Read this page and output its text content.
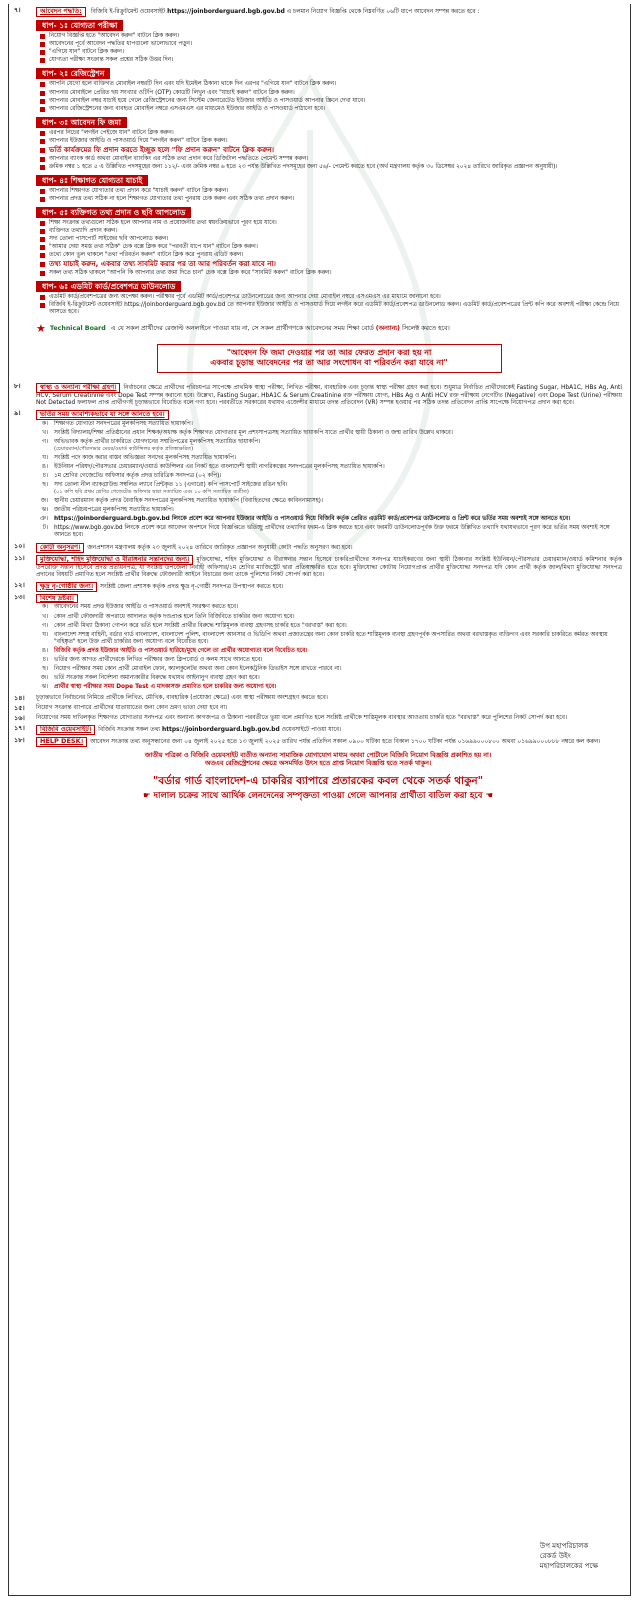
৭।	আবেদন পদ্ধতি: বিজিবি ই-রিক্রুটমেন্ট ওয়েবসাইট https://joinborderguard.bgb.gov.bd এ চলমান নিয়োগ বিজ্ঞপ্তি থেকে নিম্নবর্ণিত ০৬টি ধাপে আবেদন সম্পন্ন করতে হবে :
ধাপ- ১ঃ যোগ্যতা পরীক্ষা
নিয়োগ বিজ্ঞপ্তি হতে "আবেদন করুন" বাটনে ক্লিক করুন।
আবেদনের পূর্বে আবেদন পদ্ধতির ধাপগুলো ভালোভাবে পড়ুন।
"এগিয়ে যান" বাটনে ক্লিক করুন।
যোগ্যতা পরীক্ষা সংক্রান্ত সকল প্রশ্নের সঠিক উত্তর দিন।
ধাপ- ২ঃ রেজিস্ট্রেশন
আপনি যেগো হলে ব্যক্তিগত মোবাইল নম্বরটি দিন এবং যদি ইমেইল ঠিকানা থাকে দিন এরপর "এগিয়ে যান" বাটনে ক্লিক করুন।
আপনার মোবাইলে প্রেরিত ছয় সংখ্যার ওটিপি (OTP) কোডটি লিখুন এবং "যাচাই করুন" বাটনে ক্লিক করুন।
আপনার মোবাইল নম্বর যাচাই হয়ে গেলে রেজিস্ট্রেশনের জন্য সিস্টেম জেনারেটেড ইউজার আইডি ও পাসওয়ার্ড আপনার স্ক্রিনে দেখা যাবে।
আপনার রেজিস্ট্রেশনের জন্য ব্যবহৃত মোবাইল নম্বরে এসএমএস এর মাধ্যমেও ইউজার আইডি ও পাসওয়ার্ড পাঠানো হবে।
ধাপ- ৩ঃ আবেদন ফি জমা
এরপর নিচের "লগইন পেইজে যান" বাটনে ক্লিক করুন।
আপনার ইউজার আইডি ও পাসওয়ার্ড দিয়ে "লগইন করুন" বাটনে ক্লিক করুন।
ভর্তি কার্যক্রমের ফি প্রদান করতে ইচ্ছুক হলে "ফি প্রদান করুন" বাটনে ক্লিক করুন।
আপনার ব্যাংক কার্ড অথবা মোবাইল ব্যাংকিং এর সঠিক তথ্য প্রদান করে ডিজিটাল পদ্ধতিতে পেমেন্ট সম্পন্ন করুন।
ক্রমিক নম্বর ১ হতে ৫ এ উল্লিখিত পদসমূহের জন্য ১১২/- এবং ক্রমিক নম্বর ৬ হতে ২৩ পর্যন্ত উল্লিখিত পদসমূহের জন্য ৫৬/- পেমেন্ট করতে হবে (অর্থ মন্ত্রণালয় কর্তৃক ৩০ ডিসেম্বর ২০২৪ তারিখে জারিকৃত প্রজ্ঞাপন অনুযায়ী)।
ধাপ- ৪ঃ শিক্ষাগত যোগ্যতা যাচাই
আপনার শিক্ষাগত যোগ্যতার তথ্য প্রদান করে "যাচাই করুন" বাটনে ক্লিক করুন।
আপনার প্রদত্ত তথ্য সঠিক না হলে শিক্ষাগত যোগ্যতার তথ্য পুনরায় চেক করুন এবং সঠিক তথ্য প্রদান করুন।
ধাপ- ৫ঃ ব্যক্তিগত তথ্য প্রদান ও ছবি আপলোড
শিক্ষা সংক্রান্ত তথ্যগুলো সঠিক হলে আপনার নাম ও প্রয়োজনীয় তথ্য স্বয়ংক্রিয়ভাবে পূরণ হয়ে যাবে।
ব্যক্তিগত তথ্যাদি প্রদান করুন।
সদ্য তোলা পাসপোর্ট সাইজের ছবি আপলোড করুন।
"আমার দেয়া সমস্ত তথ্য সঠিক" চেক বক্সে ক্লিক করে "পরবর্তী ধাপে যান" বাটনে ক্লিক করুন।
তথ্যে কোন ভুল থাকলে "তথ্য পরিবর্তন করুন" বাটনে ক্লিক করে পুনরায় এডিট করুন।
তথ্য যাচাই করুন, একবার তথ্য সাবমিট করার পর তা আর পরিবর্তন করা যাবে না।
সকল তথ্য সঠিক থাকলে "আপনি কি আপনার তথ্য জমা দিতে চান" চেক বক্সে ক্লিক করে "সাবমিট করুন" বাটনে ক্লিক করুন।
ধাপ- ৬ঃ এডমিট কার্ড/প্রবেশপত্র ডাউনলোড
এডমিট কার্ড/প্রবেশপত্রের জন্য অপেক্ষা করুন। পরীক্ষার পূর্বে এডমিট কার্ড/প্রবেশপত্র ডাউনলোডের জন্য আপনার দেয়া মোবাইল নম্বরে এসএমএস এর মাধ্যমে জানানো হবে।
বিজিবি ই-রিক্রুটমেন্ট ওয়েবসাইট https://joinborderguard.bgb.gov.bd তে আপনার ইউজার আইডি ও পাসওয়ার্ড দিয়ে লগইন করে এডমিট কার্ড/প্রবেশপত্র ডাউনলোড করুন। এডমিট কার্ড/প্রবেশপত্রের প্রিন্ট কপি করে অবশ্যই পরীক্ষা কেন্দ্রে নিয়ে আসতে হবে।
★ Technical Board এ যে সকল প্রার্থীদের রেজাল্ট অনলাইনে পাওয়া যায় না, সে সকল প্রার্থীগণকে আবেদনের সময় শিক্ষা বোর্ড (অন্যান্য) সিলেক্ট করতে হবে।
"আবেদন ফি জমা দেওয়ার পর তা আর ফেরত প্রদান করা হয় না
একবার চূড়ান্ত আবেদনের পর তা আর সংশোধন বা পরিবর্তন করা যাবে না"
৮।	স্বাস্থ্য ও অন্যান্য পরীক্ষা গ্রহণ। নির্বাচনের ক্ষেত্রে প্রার্থীদের পরিচয়পত্র সাপেক্ষে প্রাথমিক স্বাস্থ্য পরীক্ষা, লিখিত পরীক্ষা, ব্যবহারিক এবং চূড়ান্ত স্বাস্থ্য পরীক্ষা গ্রহণ করা হবে। শুধুমাত্র নির্বাচিত প্রার্থীদেরকেই Fasting Sugar, HbA1C, HBs Ag, Anti HCV, Serum Creatinine এবং Dope Test সম্পন্ন করানো হবে। উল্লেখ্য, Fasting Sugar, HbA1C & Serum Creatinine রক্ত পরীক্ষায় যোগ্য, HBs Ag ও Anti HCV রক্ত পরীক্ষায় নেগেটিভ (Negative) এবং Dope Test (Urine) পরীক্ষায় Not Detected ফলাফল প্রাপ্ত প্রার্থীগণই চূড়ান্তভাবে বিবেচিত বলে গণ্য হবে। পরবর্তীতে সরকারের যথাযথ এজেন্সীর মাধ্যমে তদন্ত প্রতিবেদন (VR) সম্পন্ন হওয়ার পর সঠিক তদন্ত প্রতিবেদন প্রাপ্তি সাপেক্ষে নিয়োগপত্র প্রদান করা হবে।
৯।	ভর্তির সময় আবশ্যিকভাবে যা সঙ্গে আনতে হবে।
ক।	শিক্ষাগত যোগ্যতা সনদপত্রের মূলকপিসহ সত্যায়িত ছায়াকপি।
খ।	সংশ্লিষ্ট বিদ্যালয়/শিক্ষা প্রতিষ্ঠানের প্রধান শিক্ষক/অধ্যক্ষ কর্তৃক শিক্ষাগত যোগ্যতার মূল প্রশংসাপত্রসহ সত্যায়িত ছায়াকপি যাতে প্রার্থীর স্থায়ী ঠিকানা ও জন্ম তারিখ উল্লেখ থাকবে।
গ।	অভিভাবক কর্তৃক প্রার্থীর চাকরিতে যোগদানের সম্মতিপত্রের মূলকপিসহ সত্যায়িত ছায়াকপি।
(চেয়ারম্যান/পৌরসভার মেয়র/ওয়ার্ড কাউন্সিলর কর্তৃক প্রতিস্বাক্ষরিত)
ঘ।	সংশ্লিষ্ট পদে কাজ করার বাস্তব অভিজ্ঞতা সনদের মূলকপিসহ সত্যায়িত ছায়াকপি।
ঙ।	ইউনিয়ন পরিষদ/পৌরসভার চেয়ারম্যান/ওয়ার্ড কাউন্সিলর এর নিকট হতে বাংলাদেশী স্থায়ী নাগরিকত্বের সনদপত্রের মূলকপিসহ সত্যায়িত ছায়াকপি।
চ।	১ম শ্রেণির গেজেটেড অফিসার কর্তৃক প্রদত্ত চারিত্রিক সনদপত্র (০২ কপি)।
ছ।	সদ্য তোলা নীল ব্যাকগ্রাউন্ড সম্বলিত ল্যাবে প্রিন্টকৃত ১১ (এগারো) কপি পাসপোর্ট সাইজের রঙিন ছবি।
(০১ কপি ছবি প্রথম শ্রেণির গেজেটেড অফিসার দ্বারা সত্যায়িত এবং ১০ কপি সত্যায়িত ব্যতীত)
জ।	স্থানীয় চেয়ারম্যান কর্তৃক প্রদত্ত বৈবাহিক সনদপত্রের মূলকপিসহ সত্যায়িত ছায়াকপি (বিবাহিতদের ক্ষেত্রে কাবিননামাসহ)।
ঝ।	জাতীয় পরিচয়পত্রের মূলকপিসহ সত্যায়িত ছায়াকপি।
ঞ।	https://joinborderguard.bgb.gov.bd লিংকে প্রবেশ করে আপনার ইউজার আইডি ও পাসওয়ার্ড দিয়ে বিজিবি কর্তৃক প্রেরিত এডমিট কার্ড/প্রবেশপত্র ডাউনলোড ও প্রিন্ট করে ভর্তির সময় অবশ্যই সঙ্গে আনতে হবে।
ট।	https://www.bgb.gov.bd লিংকে প্রবেশ করে আবেদন অপশনে গিয়ে বিজ্ঞপ্তিতে ভর্তিচ্ছু প্রার্থীদের তথ্যাদির ফরম-এ ক্লিক করতে হবে এবং ফরমটি ডাউনলোডপূর্বক উক্ত ফরমে উল্লিখিত তথ্যাদি যথাযথভাবে পূরণ করে ভর্তির সময় অবশ্যই সঙ্গে আনতে হবে।
১০।	কোটা অনুসরণ। জনপ্রশাসন মন্ত্রণালয় কর্তৃক ২৩ জুলাই ২০২৪ তারিখে জারিকৃত প্রজ্ঞাপন অনুযায়ী কোটা পদ্ধতি অনুসরণ করা হবে।
১১।	মুক্তিযোদ্ধা, শহিদ মুক্তিযোদ্ধা ও বীরাঙ্গনার সন্তানদের জন্য। মুক্তিযোদ্ধা, শহিদ মুক্তিযোদ্ধা ও বীরাঙ্গনার সন্তান হিসেবে চাকরিপ্রার্থীদের সনদপত্র যাচাইকরণের জন্য স্থায়ী ঠিকানার সংশ্লিষ্ট ইউনিয়ন/পৌরসভার চেয়ারম্যান/ওয়ার্ড কমিশনার কর্তৃক উপরোক্ত সন্তান হিসেবে প্রদত্ত প্রত্যয়নপত্র, যা সংশ্লিষ্ট উপজেলা নির্বাহী অফিসার/১ম শ্রেণির ম্যাজিস্ট্রেট দ্বারা প্রতিস্বাক্ষরিত হতে হবে। মুক্তিযোদ্ধা কোটায় নিয়োগপ্রাপ্ত প্রার্থীর মুক্তিযোদ্ধা সনদপত্র যদি কোন প্রার্থী কর্তৃক জাল/মিথ্যা মুক্তিযোদ্ধা সনদপত্র প্রদানের বিষয়টি প্রমাণিত হলে সংশ্লিষ্ট প্রার্থীর বিরুদ্ধে ফৌজদারী আইনে বিচারের জন্য তাকে পুলিশের নিকট সোপর্দ করা হবে।
১২।	ক্ষুদ্র নৃ-গোষ্ঠীর জন্য। সংশ্লিষ্ট জেলা প্রশাসক কর্তৃক প্রদত্ত ক্ষুদ্র নৃ-গোষ্ঠী সনদপত্র উপস্থাপন করতে হবে।
১৩।	বিশেষ দ্রষ্টব্য।
ক।	আবেদনের সময় প্রদত্ত ইউজার আইডি ও পাসওয়ার্ড অবশ্যই সংরক্ষণ করতে হবে।
খ।	কোন প্রার্থী ফৌজদারী অপরাধে আদালত কর্তৃক দণ্ডপ্রাপ্ত হলে তিনি বিজিবিতে চাকরির জন্য অযোগ্য হবে।
গ।	কোন প্রার্থী মিথ্যা ঠিকানা গোপন করে ভর্তি হলে সংশ্লিষ্ট প্রার্থীর বিরুদ্ধে শাস্তিমূলক ব্যবস্থা গ্রহণসহ চাকরি হতে "বরখাস্ত" করা হবে।
ঘ।	বাংলাদেশ সশস্ত্র বাহিনী, বর্ডার গার্ড বাংলাদেশ, বাংলাদেশ পুলিশ, বাংলাদেশ আনসার ও ভিডিপি অথবা প্রজাতন্ত্রের অন্য কোন চাকরি হতে শাস্তিমূলক ব্যবস্থা গ্রহণপূর্বক অপসারিত অথবা বরখাস্তকৃত ব্যক্তিগণ এবং সরকারি চাকরিতে কর্মরত অবস্থায় "বহিষ্কৃত" হলে উক্ত প্রার্থী চাকরির জন্য অযোগ্য বলে বিবেচিত হবে।
ঙ।	বিজিবি কর্তৃক প্রদত্ত ইউজার আইডি ও পাসওয়ার্ড হারিয়ে/মুছে গেলে তা প্রার্থীর অযোগ্যতা বলে বিবেচিত হবে।
চ।	ভর্তির জন্য আগত প্রার্থীদেরকে লিখিত পরীক্ষার জন্য ক্লিপবোর্ড ও কলম সাথে আনতে হবে।
ছ।	নিয়োগ পরীক্ষার সময় কোন প্রার্থী মোবাইল ফোন, ক্যালকুলেটর অথবা অন্য কোন ইলেকট্রনিক ডিভাইস সঙ্গে রাখতে পারবে না।
জ।	ভর্তি সংক্রান্ত সকল নির্দেশনা অমান্যকারীর বিরুদ্ধে যথাযথ আইনানুগ ব্যবস্থা গ্রহণ করা হবে।
ঝ।	প্রার্থীর স্বাস্থ্য পরীক্ষার সময় Dope Test এ মাদকাসক্ত প্রমাণিত হলে চাকরির জন্য অযোগ্য হবে।
১৪।	চূড়ান্তভাবে নির্বাচনের নিমিত্তে প্রার্থীকে লিখিত, মৌখিক, ব্যবহারিক (প্রযোজ্য ক্ষেত্রে) এবং স্বাস্থ্য পরীক্ষায় অংশগ্রহণ করতে হবে।
১৫।	নিয়োগ সংক্রান্ত ব্যাপারে প্রার্থীদের যাতায়াতের জন্য কোন ভ্রমণ ভাতা দেয়া হবে না।
১৬।	নিয়োগের সময় দাখিলকৃত শিক্ষাগত যোগ্যতার সনদপত্র এবং অন্যান্য কাগজপত্র ও ঠিকানা পরবর্তীতে ভুয়া বলে প্রমাণিত হলে সংশ্লিষ্ট প্রার্থীকে শাস্তিমূলক ব্যবস্থার আওতায় চাকরি হতে "বরখাস্ত" করে পুলিশের নিকট সোপর্দ করা হবে।
১৭।	বিজিবি ওয়েবসাইট। বিজিবি সংক্রান্ত সকল তথ্য https://joinborderguard.bgb.gov.bd ওয়েবসাইটে পাওয়া যাবে।
১৮।	HELP DESK। আবেদন সংক্রান্ত তথ্য অনুসন্ধানের জন্য ০৪ জুলাই ২০২৫ হতে ১৩ জুলাই ২০২৫ তারিখ পর্যন্ত প্রতিদিন সকাল ০৯০০ ঘটিকা হতে বিকাল ১৭০০ ঘটিকা পর্যন্ত ০১৬৯৯০০০৮০০ অথবা ০১৬৯৯০০০৮৮৮ নম্বরে কল করুন।
জাতীয় পত্রিকা ও বিজিবি ওয়েবসাইট ব্যতীত অন্যান্য সামাজিক যোগাযোগ মাধ্যম অথবা পোর্টালে বিজিবি নিয়োগ বিজ্ঞপ্তি প্রকাশিত হয় না।
অতএব রেজিস্ট্রেশনের ক্ষেত্রে অসমর্থিত উৎস হতে প্রাপ্ত নিয়োগ বিজ্ঞপ্তি হতে সতর্ক থাকুন।
"বর্ডার গার্ড বাংলাদেশ-এ চাকরির ব্যাপারে প্রতারকের কবল থেকে সতর্ক থাকুন"
☛ দালাল চক্রের সাথে আর্থিক লেনদেনের সম্পৃক্ততা পাওয়া গেলে আপনার প্রার্থীতা বাতিল করা হবে ☚
উপ মহাপরিচালক
রেকর্ড উইং
মহাপরিচালকের পক্ষে
